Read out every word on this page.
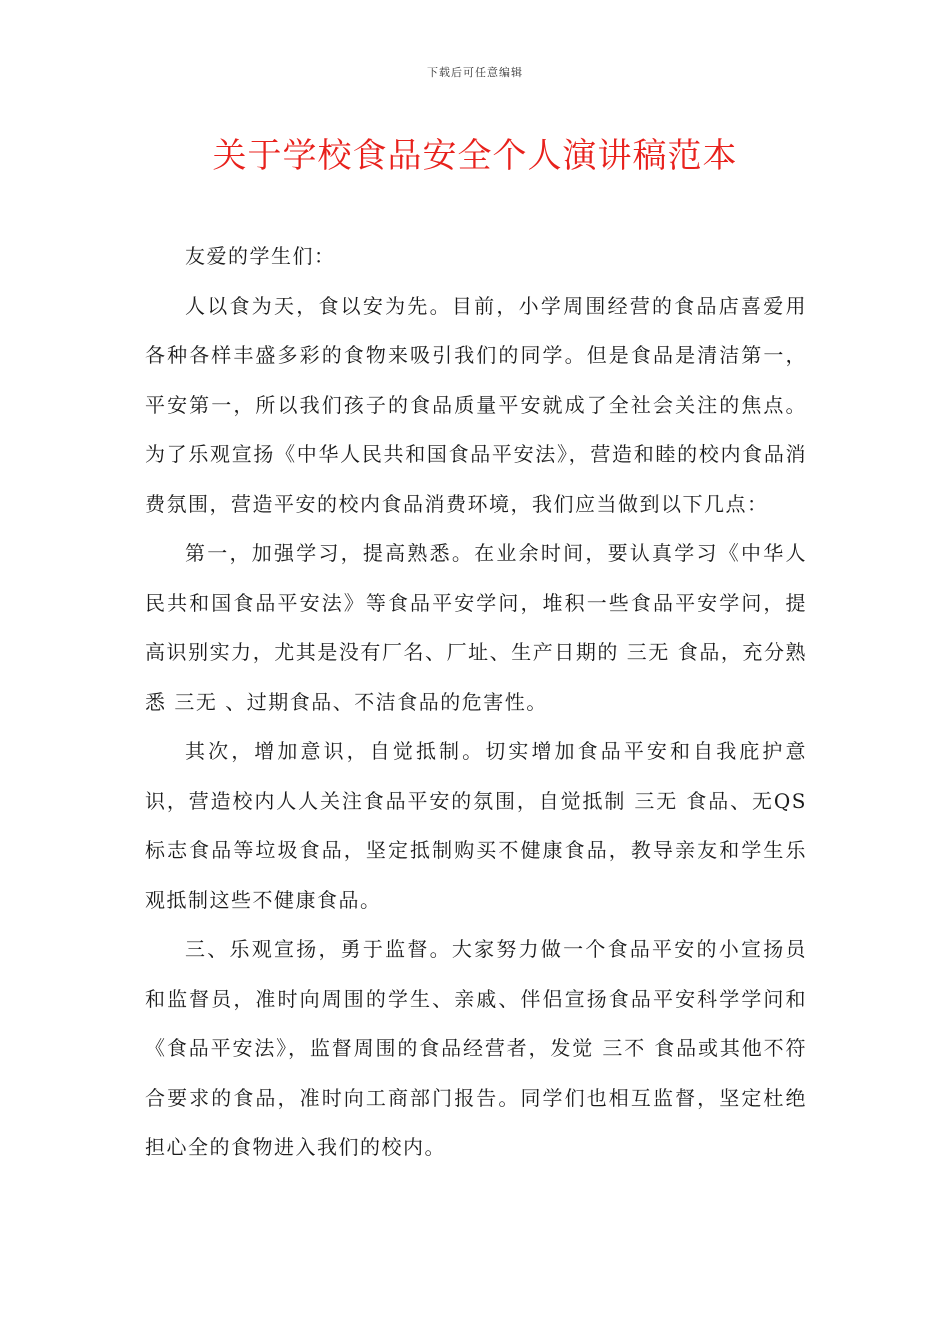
下载后可任意编辑
关于学校食品安全个人演讲稿范本

友爱的学生们：

人以食为天，食以安为先。目前，小学周围经营的食品店喜爱用各种各样丰盛多彩的食物来吸引我们的同学。但是食品是清洁第一，平安第一，所以我们孩子的食品质量平安就成了全社会关注的焦点。为了乐观宣扬《中华人民共和国食品平安法》，营造和睦的校内食品消费氛围，营造平安的校内食品消费环境，我们应当做到以下几点：

第一，加强学习，提高熟悉。在业余时间，要认真学习《中华人民共和国食品平安法》等食品平安学问，堆积一些食品平安学问，提高识别实力，尤其是没有厂名、厂址、生产日期的 三无 食品，充分熟悉 三无 、过期食品、不洁食品的危害性。

其次，增加意识，自觉抵制。切实增加食品平安和自我庇护意识，营造校内人人关注食品平安的氛围，自觉抵制 三无 食品、无QS标志食品等垃圾食品，坚定抵制购买不健康食品，教导亲友和学生乐观抵制这些不健康食品。

三、乐观宣扬，勇于监督。大家努力做一个食品平安的小宣扬员和监督员，准时向周围的学生、亲戚、伴侣宣扬食品平安科学学问和《食品平安法》，监督周围的食品经营者，发觉 三不 食品或其他不符合要求的食品，准时向工商部门报告。同学们也相互监督，坚定杜绝担心全的食物进入我们的校内。
